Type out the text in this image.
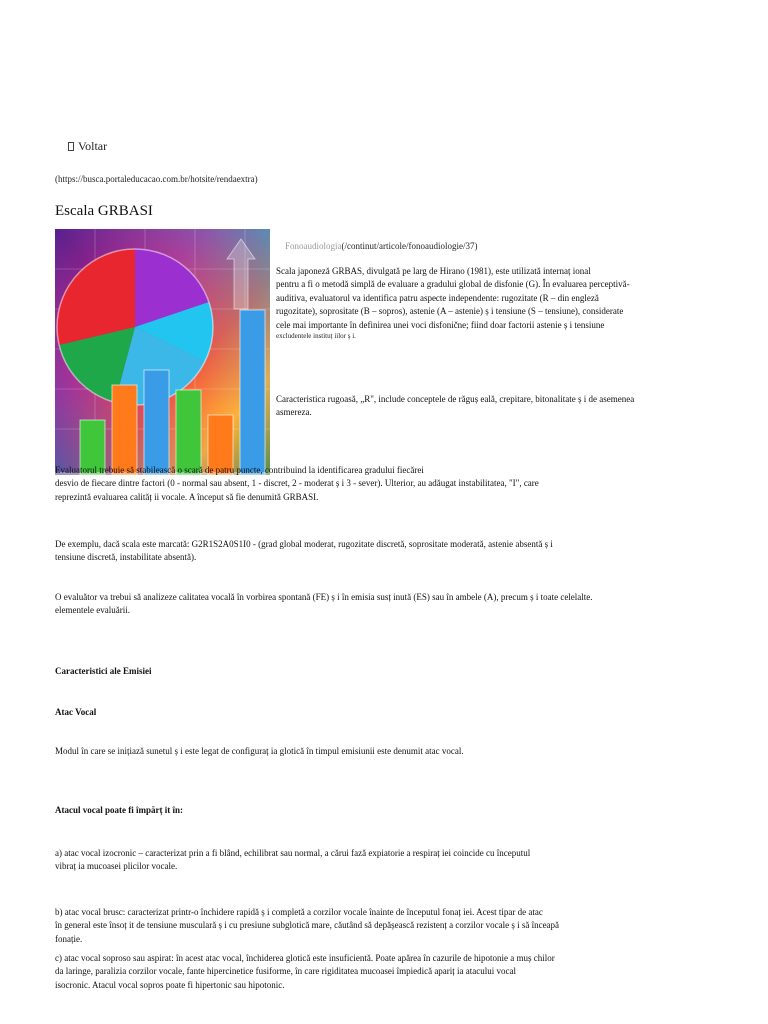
Voltar
(https://busca.portaleducacao.com.br/hotsite/rendaextra)
Escala GRBASI
Fonoaudiologia(/continut/articole/fonoaudiologie/37)
Scala japoneză GRBAS, divulgată pe larg de Hirano (1981), este utilizată internaț ional
pentru a fi o metodă simplă de evaluare a gradului global de disfonie (G). În evaluarea perceptivă-
auditiva, evaluatorul va identifica patru aspecte independente: rugozitate (R – din engleză
rugozitate), soprositate (B – sopros), astenie (A – astenie) ș i tensiune (S – tensiune), considerate
cele mai importante în definirea unei voci disfonične; fiind doar factorii astenie ș i tensiune
excludentele instituț iilor ș i.
Caracteristica rugoasă, „R", include conceptele de răguș eală, crepitare, bitonalitate ș i de asemenea
asmereza.
Evaluatorul trebuie să stabilească o scară de patru puncte, contribuind la identificarea gradului fiecărei
desvio de fiecare dintre factori (0 - normal sau absent, 1 - discret, 2 - moderat ș i 3 - sever). Ulterior, au adăugat instabilitatea, "I", care
reprezintă evaluarea calităț ii vocale. A început să fie denumită GRBASI.
De exemplu, dacă scala este marcată: G2R1S2A0S1I0 - (grad global moderat, rugozitate discretă, soprositate moderată, astenie absentă ș i
tensiune discretă, instabilitate absentă).
O evaluător va trebui să analizeze calitatea vocală în vorbirea spontană (FE) ș i în emisia susț inută (ES) sau în ambele (A), precum ș i toate celelalte.
elementele evaluării.
Caracteristici ale Emisiei
Atac Vocal
Modul în care se inițiază sunetul ș i este legat de configuraț ia glotică în timpul emisiunii este denumit atac vocal.
Atacul vocal poate fi împărț it în:
a) atac vocal izocronic – caracterizat prin a fi blând, echilibrat sau normal, a cărui fază expiatorie a respiraț iei coincide cu începutul
vibraț ia mucoasei plicilor vocale.
b) atac vocal brusc: caracterizat printr-o închidere rapidă ș i completă a corzilor vocale înainte de începutul fonaț iei. Acest tipar de atac
în general este însoț it de tensiune musculară ș i cu presiune subglotică mare, căutând să depășească rezistenț a corzilor vocale ș i să înceapă
fonație.
c) atac vocal soproso sau aspirat: în acest atac vocal, închiderea glotică este insuficientă. Poate apărea în cazurile de hipotonie a muș chilor
da laringe, paralizia corzilor vocale, fante hipercinetice fusiforme, în care rigiditatea mucoasei împiedică apariț ia atacului vocal
isocronic. Atacul vocal sopros poate fi hipertonic sau hipotonic.
